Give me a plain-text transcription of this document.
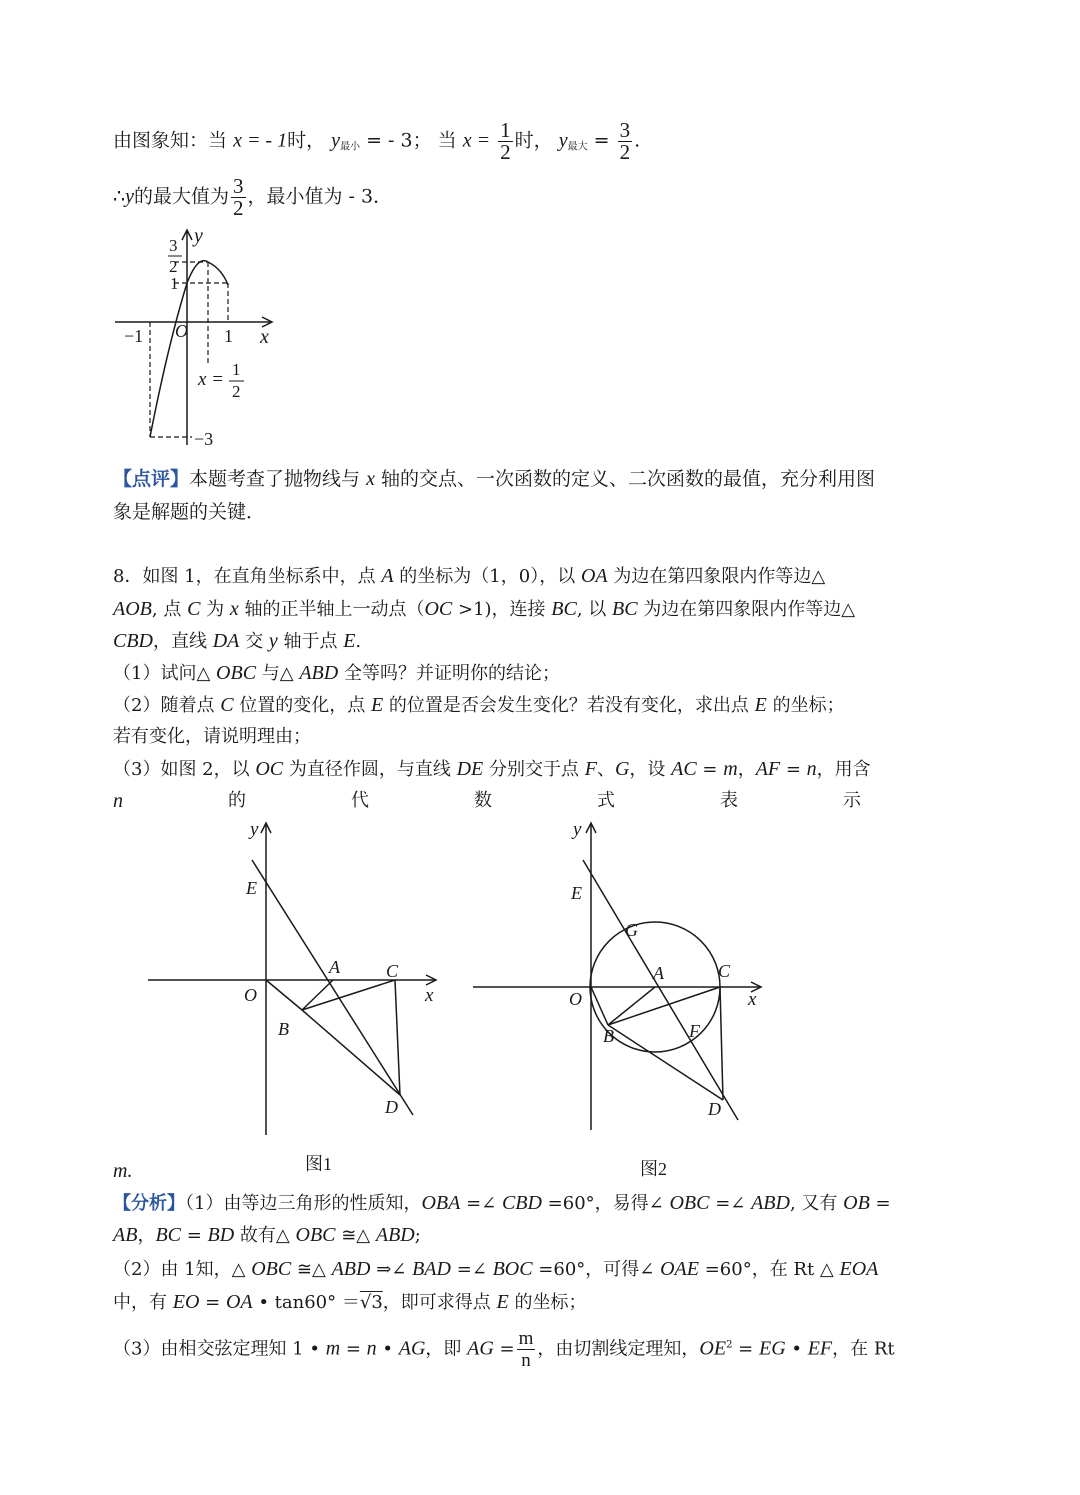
由图象知：当 x = - 1时， $y_{最小}$ = - 3； 当 $x = \frac{1}{2}$ 时， $y_{最大} = \frac{3}{2}$ .
∴y的最大值为 $\frac{3}{2}$ ，最小值为 - 3．
3
2
1
y
O
−1	1 x
x = 1
2
−3
【点评】本题考查了抛物线与 x 轴的交点、一次函数的定义、二次函数的最值，充分利用图
象是解题的关键．
8．如图 1，在直角坐标系中，点 A 的坐标为（1，0），以 OA 为边在第四象限内作等边△
AOB, 点 C 为 x 轴的正半轴上一动点（OC >1)，连接 BC, 以 BC 为边在第四象限内作等边△
CBD，直线 DA 交 y 轴于点 E.
（1）试问△ OBC 与△ ABD 全等吗？并证明你的结论；
（2）随着点 C 位置的变化，点 E 的位置是否会发生变化？若没有变化，求出点 E 的坐标；
若有变化，请说明理由；
（3）如图 2，以 OC 为直径作圆，与直线 DE 分别交于点 F、G，设 AC = m，AF = n，用含
n	的	代	数	式	表	示
y
x
E
A	C
O
B
D
图1
y
x
E
G
A	C
O
B	F
D
图2
m.
【分析】（1）由等边三角形的性质知，OBA =∠ CBD =60°，易得∠ OBC =∠ ABD, 又有 OB =
AB，BC = BD 故有△ OBC ≅△ ABD;
（2）由 1知，△ OBC ≅△ ABD ⇒∠ BAD =∠ BOC =60°，可得∠ OAE =60°，在 Rt △ EOA
中，有 EO = OA • tan60° ＝√3，即可求得点 E 的坐标；
（3）由相交弦定理知 1 • m = n • AG，即 AG = $\frac{m}{n}$ ，由切割线定理知，$OE^2$ = EG • EF，在 Rt
